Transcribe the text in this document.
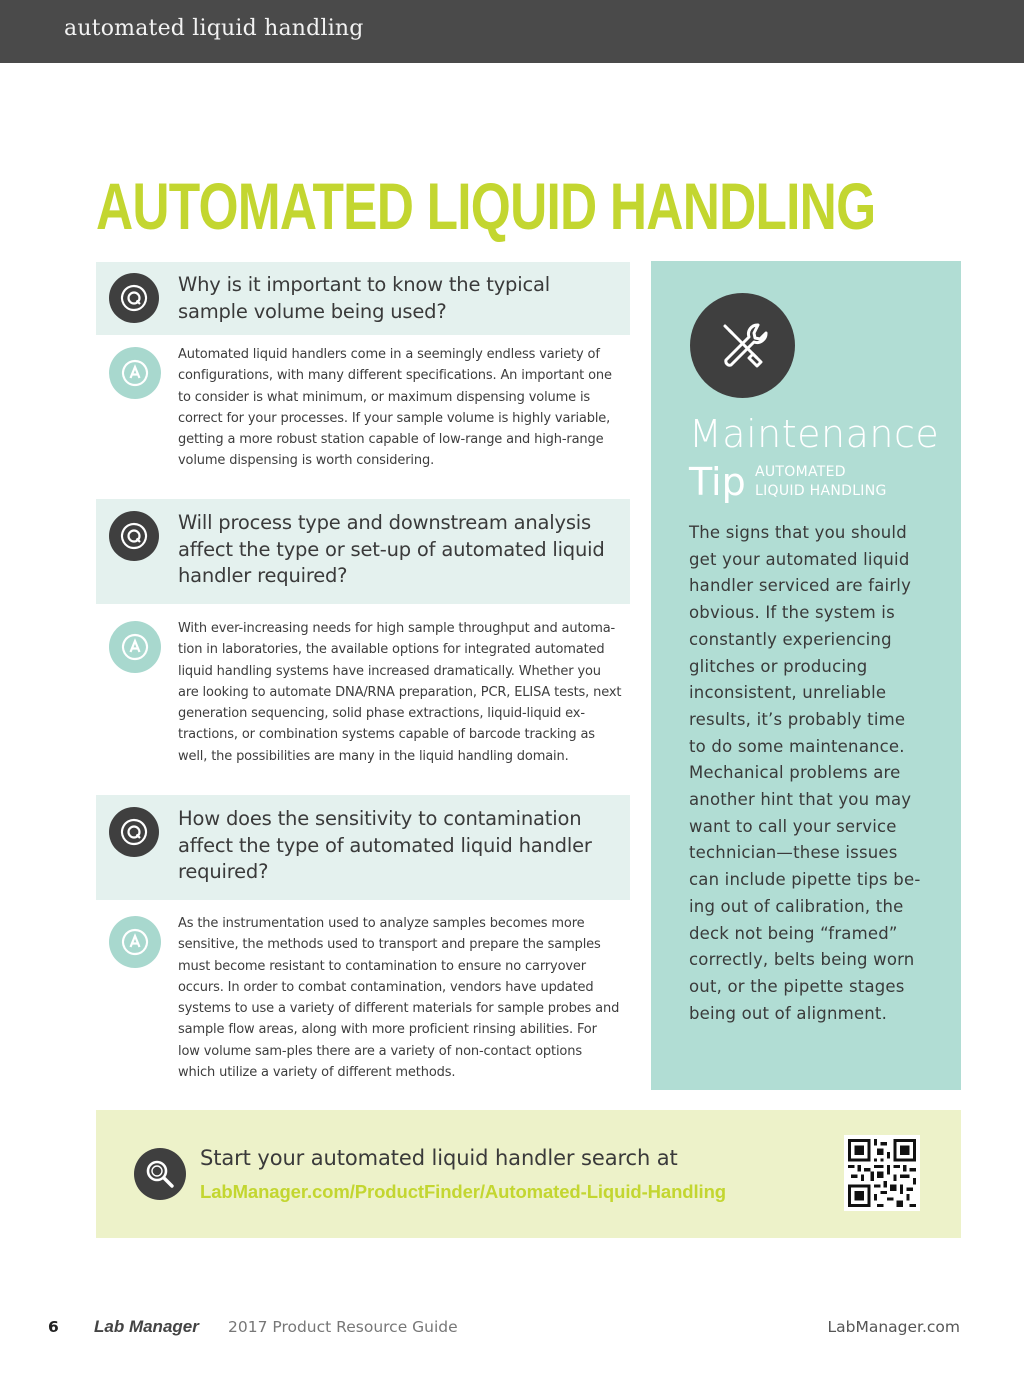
automated liquid handling
AUTOMATED LIQUID HANDLING
Why is it important to know the typical sample volume being used?
Automated liquid handlers come in a seemingly endless variety of configurations, with many different specifications. An important one to consider is what minimum, or maximum dispensing volume is correct for your processes. If your sample volume is highly variable, getting a more robust station capable of low-range and high-range volume dispensing is worth considering.
Will process type and downstream analysis affect the type or set-up of automated liquid handler required?
With ever-increasing needs for high sample throughput and automa-tion in laboratories, the available options for integrated automated liquid handling systems have increased dramatically. Whether you are looking to automate DNA/RNA preparation, PCR, ELISA tests, next generation sequencing, solid phase extractions, liquid-liquid ex-tractions, or combination systems capable of barcode tracking as well, the possibilities are many in the liquid handling domain.
How does the sensitivity to contamination affect the type of automated liquid handler required?
As the instrumentation used to analyze samples becomes more sensitive, the methods used to transport and prepare the samples must become resistant to contamination to ensure no carryover occurs. In order to combat contamination, vendors have updated systems to use a variety of different materials for sample probes and sample flow areas, along with more proficient rinsing abilities. For low volume sam-ples there are a variety of non-contact options which utilize a variety of different methods.
Maintenance
Tip AUTOMATED
LIQUID HANDLING
The signs that you should get your automated liquid handler serviced are fairly obvious. If the system is constantly experiencing glitches or producing inconsistent, unreliable results, it’s probably time to do some maintenance. Mechanical problems are another hint that you may want to call your service technician—these issues can include pipette tips be-ing out of calibration, the deck not being “framed” correctly, belts being worn out, or the pipette stages being out of alignment.
Start your automated liquid handler search at
LabManager.com/ProductFinder/Automated-Liquid-Handling
6 Lab Manager 2017 Product Resource Guide	LabManager.com
